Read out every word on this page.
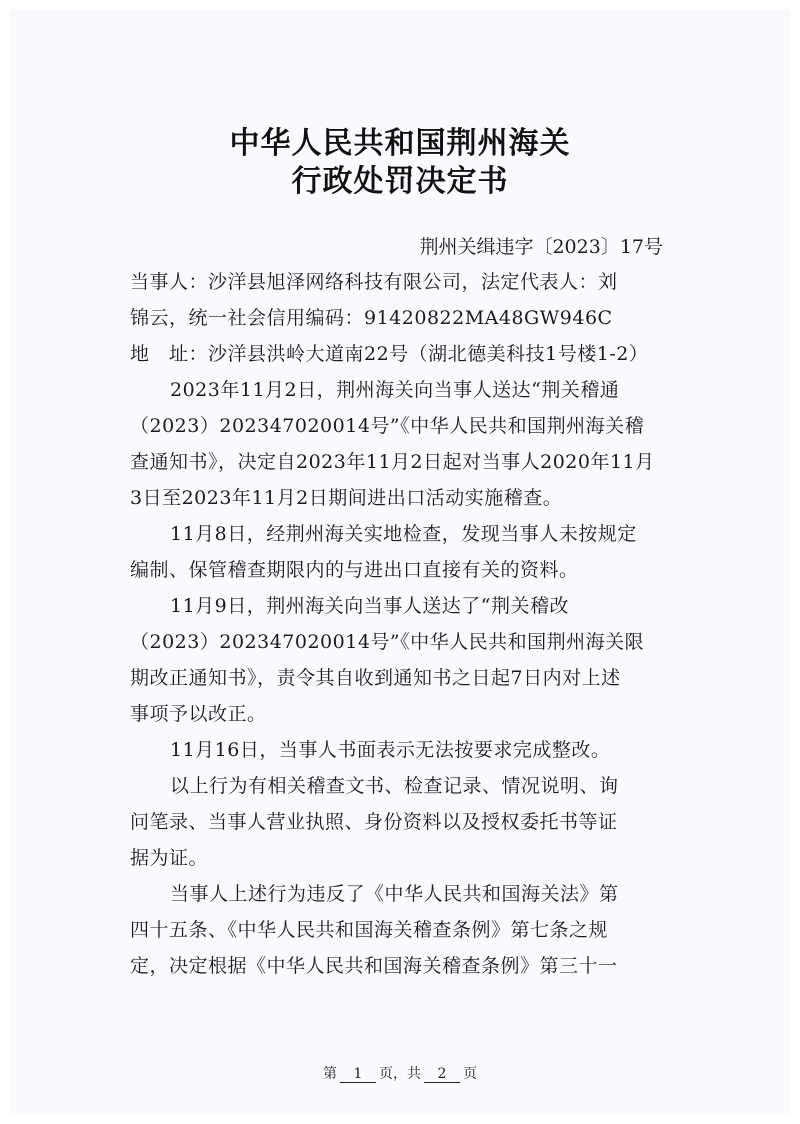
中华人民共和国荆州海关
行政处罚决定书
荆州关缉违字〔2023〕17号
当事人：沙洋县旭泽网络科技有限公司，法定代表人：刘
锦云，统一社会信用编码：91420822MA48GW946C
地　址：沙洋县洪岭大道南22号（湖北德美科技1号楼1-2）
2023年11月2日，荆州海关向当事人送达“荆关稽通
（2023）202347020014号”《中华人民共和国荆州海关稽
查通知书》，决定自2023年11月2日起对当事人2020年11月
3日至2023年11月2日期间进出口活动实施稽查。
11月8日，经荆州海关实地检查，发现当事人未按规定
编制、保管稽查期限内的与进出口直接有关的资料。
11月9日，荆州海关向当事人送达了“荆关稽改
（2023）202347020014号”《中华人民共和国荆州海关限
期改正通知书》，责令其自收到通知书之日起7日内对上述
事项予以改正。
11月16日，当事人书面表示无法按要求完成整改。
以上行为有相关稽查文书、检查记录、情况说明、询
问笔录、当事人营业执照、身份资料以及授权委托书等证
据为证。
当事人上述行为违反了《中华人民共和国海关法》第
四十五条、《中华人民共和国海关稽查条例》第七条之规
定，决定根据《中华人民共和国海关稽查条例》第三十一
第 1 页，共 2 页
